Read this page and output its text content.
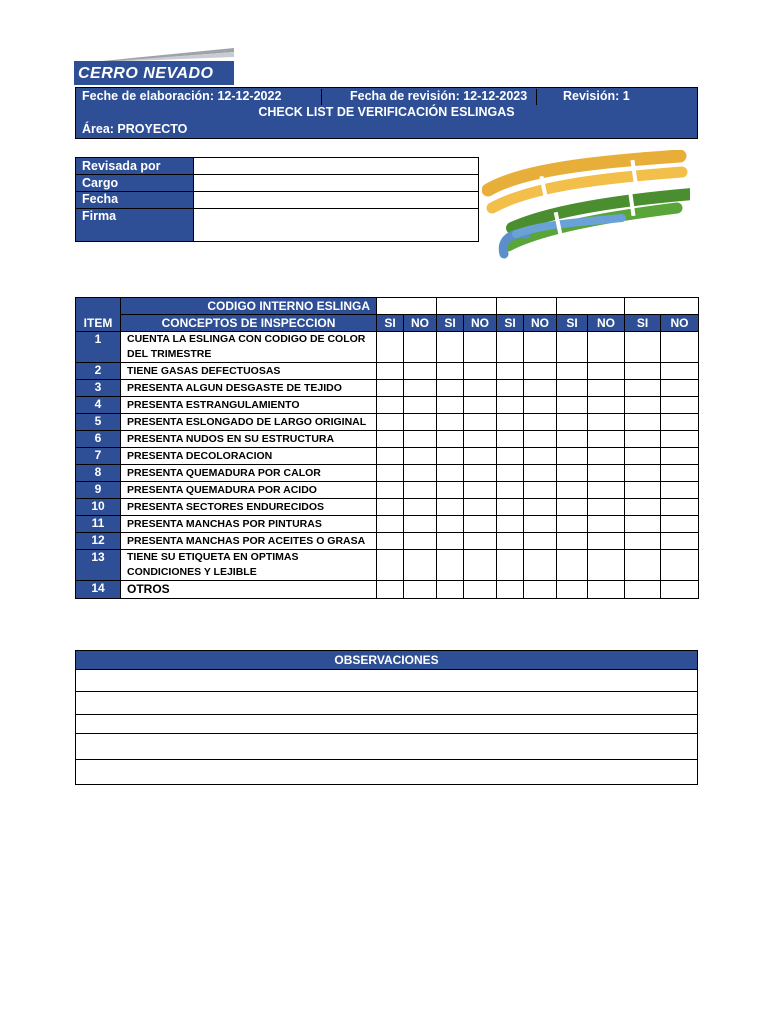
CERRO NEVADO
Feche de elaboración: 12-12-2022	Fecha de revisión: 12-12-2023	Revisión: 1
CHECK LIST DE VERIFICACIÓN ESLINGAS
Área: PROYECTO
Revisada por	
Cargo	
Fecha	
Firma	
	CODIGO INTERNO ESLINGA										
ITEM	CONCEPTOS DE INSPECCION	SI	NO	SI	NO	SI	NO	SI	NO	SI	NO
1	CUENTA LA ESLINGA CON CODIGO DE COLOR DEL TRIMESTRE										
2	TIENE GASAS DEFECTUOSAS										
3	PRESENTA ALGUN DESGASTE DE TEJIDO										
4	PRESENTA ESTRANGULAMIENTO										
5	PRESENTA ESLONGADO DE LARGO ORIGINAL										
6	PRESENTA NUDOS EN SU ESTRUCTURA										
7	PRESENTA DECOLORACION										
8	PRESENTA QUEMADURA POR CALOR										
9	PRESENTA QUEMADURA POR ACIDO										
10	PRESENTA SECTORES ENDURECIDOS										
11	PRESENTA MANCHAS POR PINTURAS										
12	PRESENTA MANCHAS POR ACEITES O GRASA										
13	TIENE SU ETIQUETA EN OPTIMAS CONDICIONES Y LEJIBLE										
14	OTROS										
OBSERVACIONES
